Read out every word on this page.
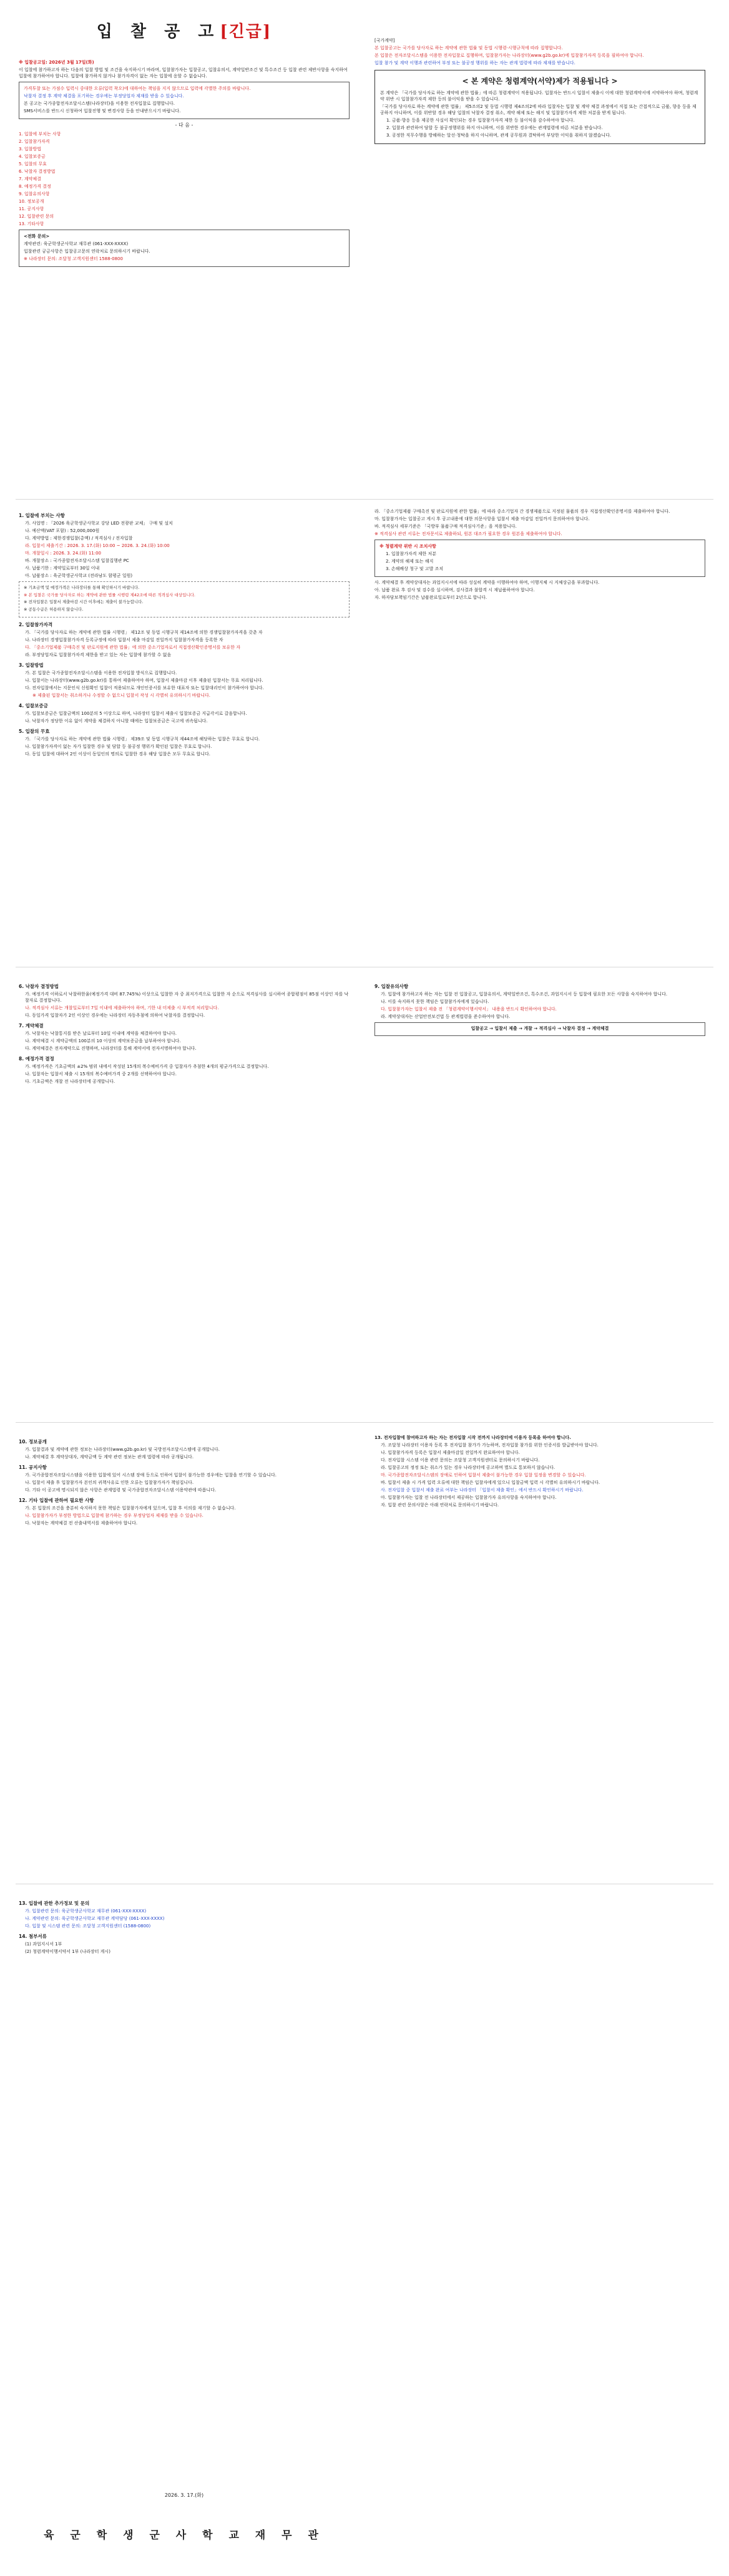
입 찰 공 고[긴급]

※ 입찰공고일: 2026년 3월 17일(화)

이 입찰에 참가하고자 하는 다음의 입찰 방법 및 조건을 숙지하시기 바라며, 입찰참가자는 입찰공고, 입찰유의서, 계약일반조건 및 특수조건 등 입찰 관련 제반사항을 숙지하여 입찰에 참가하여야 합니다. 입찰에 참가하지 않거나 참가자격이 없는 자는 입찰에 응할 수 없습니다.

가격투찰 또는 가점수 입력시 중대한 오류(입력 착오)에 대하여는 책임을 지지 않으므로 입력에 각별한 주의를 바랍니다.

낙찰자 결정 후 계약 체결을 포기하는 경우에는 부정당업자 제재를 받을 수 있습니다.

본 공고는 국가종합전자조달시스템(나라장터)을 이용한 전자입찰로 집행합니다.

SMS서비스를 반드시 신청하여 입찰진행 및 변경사항 등을 안내받으시기 바랍니다.

- 다 음 -

1. 입찰에 부치는 사항

2. 입찰참가자격

3. 입찰방법

4. 입찰보증금

5. 입찰의 무효

6. 낙찰자 결정방법

7. 계약체결

8. 예정가격 결정

9. 입찰유의사항

10. 정보공개

11. 공지사항

12. 입찰관련 문의

13. 기타사항

<전화 문의>

계약관련: 육군학생군사학교 재무관 (061-XXX-XXXX)

입찰관련 궁금사항은 입찰공고문의 연락처로 문의하시기 바랍니다.

※ 나라장터 문의: 조달청 고객지원센터 1588-0800

[국가계약]

본 입찰공고는 국가를 당사자로 하는 계약에 관한 법률 및 동법 시행령·시행규칙에 따라 집행합니다.

본 입찰은 전자조달시스템을 이용한 전자입찰로 집행하며, 입찰참가자는 나라장터(www.g2b.go.kr)에 입찰참가자격 등록을 필하여야 합니다.

입찰 참가 및 계약 이행과 관련하여 부정 또는 불공정 행위를 하는 자는 관계 법령에 따라 제재를 받습니다.

< 본 계약은 청렴계약(서약)제가 적용됩니다 >

본 계약은 「국가를 당사자로 하는 계약에 관한 법률」에 따른 청렴계약이 적용됩니다. 입찰자는 반드시 입찰서 제출시 이에 대한 청렴계약서에 서약하여야 하며, 청렴계약 위반 시 입찰참가자격 제한 등의 불이익을 받을 수 있습니다.

「국가를 당사자로 하는 계약에 관한 법률」 제5조의2 및 동법 시행령 제4조의2에 따라 입찰자는 입찰 및 계약 체결 과정에서 직접 또는 간접적으로 금품, 향응 등을 제공하지 아니하며, 이를 위반할 경우 해당 입찰의 낙찰자 결정 취소, 계약 해제 또는 해지 및 입찰참가자격 제한 처분을 받게 됩니다.

1. 금품·향응 등을 제공한 사실이 확인되는 경우 입찰참가자격 제한 등 불이익을 감수하여야 합니다.

2. 입찰과 관련하여 담합 등 불공정행위를 하지 아니하며, 이를 위반한 경우에는 관계법령에 따른 처분을 받습니다.

3. 공정한 직무수행을 방해하는 알선·청탁을 하지 아니하며, 관계 공무원과 결탁하여 부당한 이익을 취하지 않겠습니다.

1. 입찰에 부치는 사항

가. 사업명 : 「2026 육군학생군사학교 강당 LED 전광판 교체」 구매 및 설치

나. 예산액(VAT 포함) : 52,000,000원

다. 계약방법 : 제한경쟁입찰(총액) / 적격심사 / 전자입찰

라. 입찰서 제출기간 : 2026. 3. 17.(화) 10:00 ~ 2026. 3. 24.(화) 10:00

마. 개찰일시 : 2026. 3. 24.(화) 11:00

바. 개찰장소 : 국가종합전자조달시스템 입찰집행관 PC

사. 납품기한 : 계약일로부터 30일 이내

아. 납품장소 : 육군학생군사학교 (전라남도 함평군 일원)

※ 기초금액 및 예정가격은 나라장터를 통해 확인하시기 바랍니다.

※ 본 입찰은 국가를 당사자로 하는 계약에 관한 법률 시행령 제42조에 따른 적격심사 대상입니다.

※ 전자입찰은 입찰서 제출마감 시간 이후에는 제출이 불가능합니다.

※ 공동수급은 허용하지 않습니다.

2. 입찰참가자격

가. 「국가를 당사자로 하는 계약에 관한 법률 시행령」 제12조 및 동법 시행규칙 제14조에 의한 경쟁입찰참가자격을 갖춘 자

나. 나라장터 경쟁입찰참가자격 등록규정에 따라 입찰서 제출 마감일 전일까지 입찰참가자격을 등록한 자

다. 「중소기업제품 구매촉진 및 판로지원에 관한 법률」에 의한 중소기업자로서 직접생산확인증명서를 보유한 자

라. 부정당업자로 입찰참가자격 제한을 받고 있는 자는 입찰에 참가할 수 없음

3. 입찰방법

가. 본 입찰은 국가종합전자조달시스템을 이용한 전자입찰 방식으로 집행합니다.

나. 입찰서는 나라장터(www.g2b.go.kr)를 통하여 제출하여야 하며, 입찰서 제출마감 이후 제출된 입찰서는 무효 처리됩니다.

다. 전자입찰에서는 지문인식 신원확인 입찰이 적용되므로 개인인증서를 보유한 대표자 또는 입찰대리인이 참가하여야 합니다.

※ 제출된 입찰서는 취소하거나 수정할 수 없으니 입찰서 작성 시 각별히 유의하시기 바랍니다.

4. 입찰보증금

가. 입찰보증금은 입찰금액의 100분의 5 이상으로 하며, 나라장터 입찰서 제출시 입찰보증금 지급각서로 갈음합니다.

나. 낙찰자가 정당한 이유 없이 계약을 체결하지 아니할 때에는 입찰보증금은 국고에 귀속됩니다.

5. 입찰의 무효

가. 「국가를 당사자로 하는 계약에 관한 법률 시행령」 제39조 및 동법 시행규칙 제44조에 해당하는 입찰은 무효로 합니다.

나. 입찰참가자격이 없는 자가 입찰한 경우 및 담합 등 불공정 행위가 확인된 입찰은 무효로 합니다.

다. 동일 입찰에 대하여 2인 이상이 동일인의 명의로 입찰한 경우 해당 입찰은 모두 무효로 합니다.

라. 「중소기업제품 구매촉진 및 판로지원에 관한 법률」에 따라 중소기업자 간 경쟁제품으로 지정된 물품의 경우 직접생산확인증명서를 제출하여야 합니다.

마. 입찰참가자는 입찰공고 게시 후 공고내용에 대한 의문사항을 입찰서 제출 마감일 전일까지 문의하여야 합니다.

바. 적격심사 세부기준은 「국방부 물품구매 적격심사기준」을 적용합니다.

※ 적격심사 관련 서류는 전자문서로 제출하되, 원본 대조가 필요한 경우 원본을 제출하여야 합니다.

※ 청렴계약 위반 시 조치사항

1. 입찰참가자격 제한 처분

2. 계약의 해제 또는 해지

3. 손해배상 청구 및 고발 조치

사. 계약체결 후 계약상대자는 과업지시서에 따라 성실히 계약을 이행하여야 하며, 이행지체 시 지체상금을 부과합니다.

아. 납품 완료 후 검사 및 검수를 실시하며, 검사결과 불합격 시 재납품하여야 합니다.

자. 하자담보책임기간은 납품완료일로부터 2년으로 합니다.

6. 낙찰자 결정방법

가. 예정가격 이하로서 낙찰하한율(예정가격 대비 87.745%) 이상으로 입찰한 자 중 최저가격으로 입찰한 자 순으로 적격심사를 실시하여 종합평점이 85점 이상인 자를 낙찰자로 결정합니다.

나. 적격심사 서류는 개찰일로부터 7일 이내에 제출하여야 하며, 기한 내 미제출 시 부적격 처리합니다.

다. 동일가격 입찰자가 2인 이상인 경우에는 나라장터 자동추첨에 의하여 낙찰자를 결정합니다.

7. 계약체결

가. 낙찰자는 낙찰통지를 받은 날로부터 10일 이내에 계약을 체결하여야 합니다.

나. 계약체결 시 계약금액의 100분의 10 이상의 계약보증금을 납부하여야 합니다.

다. 계약체결은 전자계약으로 진행하며, 나라장터를 통해 계약서에 전자서명하여야 합니다.

8. 예정가격 결정

가. 예정가격은 기초금액의 ±2% 범위 내에서 작성된 15개의 복수예비가격 중 입찰자가 추첨한 4개의 평균가격으로 결정합니다.

나. 입찰자는 입찰서 제출 시 15개의 복수예비가격 중 2개를 선택하여야 합니다.

다. 기초금액은 개찰 전 나라장터에 공개합니다.

9. 입찰유의사항

가. 입찰에 참가하고자 하는 자는 입찰 전 입찰공고, 입찰유의서, 계약일반조건, 특수조건, 과업지시서 등 입찰에 필요한 모든 사항을 숙지하여야 합니다.

나. 이를 숙지하지 못한 책임은 입찰참가자에게 있습니다.

다. 입찰참가자는 입찰서 제출 전 「청렴계약이행서약서」 내용을 반드시 확인하여야 합니다.

라. 계약상대자는 산업안전보건법 등 관계법령을 준수하여야 합니다.

입찰공고 → 입찰서 제출 → 개찰 → 적격심사 → 낙찰자 결정 → 계약체결

10. 정보공개

가. 입찰결과 및 계약에 관한 정보는 나라장터(www.g2b.go.kr) 및 국방전자조달시스템에 공개합니다.

나. 계약체결 후 계약상대자, 계약금액 등 계약 관련 정보는 관계 법령에 따라 공개됩니다.

11. 공지사항

가. 국가종합전자조달시스템을 이용한 입찰에 있어 시스템 장애 등으로 인하여 입찰이 불가능한 경우에는 입찰을 연기할 수 있습니다.

나. 입찰서 제출 후 입찰참가자 본인의 귀책사유로 인한 오류는 입찰참가자가 책임집니다.

다. 기타 이 공고에 명시되지 않은 사항은 관계법령 및 국가종합전자조달시스템 이용약관에 따릅니다.

12. 기타 입찰에 관하여 필요한 사항

가. 본 입찰의 조건을 충분히 숙지하지 못한 책임은 입찰참가자에게 있으며, 입찰 후 이의를 제기할 수 없습니다.

나. 입찰참가자가 부정한 방법으로 입찰에 참가하는 경우 부정당업자 제재를 받을 수 있습니다.

다. 낙찰자는 계약체결 전 산출내역서를 제출하여야 합니다.

13. 전자입찰에 참여하고자 하는 자는 전자입찰 시작 전까지 나라장터에 이용자 등록을 하여야 합니다.

가. 조달청 나라장터 이용자 등록 후 전자입찰 참가가 가능하며, 전자입찰 참가를 위한 인증서를 발급받아야 합니다.

나. 입찰참가자격 등록은 입찰서 제출마감일 전일까지 완료하여야 합니다.

다. 전자입찰 시스템 이용 관련 문의는 조달청 고객지원센터로 문의하시기 바랍니다.

라. 입찰공고의 정정 또는 취소가 있는 경우 나라장터에 공고하며 별도로 통보하지 않습니다.

마. 국가종합전자조달시스템의 장애로 인하여 입찰서 제출이 불가능한 경우 입찰 일정을 변경할 수 있습니다.

바. 입찰서 제출 시 가격 입력 오류에 대한 책임은 입찰자에게 있으니 입찰금액 입력 시 각별히 유의하시기 바랍니다.

사. 전자입찰 중 입찰서 제출 완료 여부는 나라장터 「입찰서 제출 확인」에서 반드시 확인하시기 바랍니다.

아. 입찰참가자는 입찰 전 나라장터에서 제공하는 입찰참가자 유의사항을 숙지하여야 합니다.

자. 입찰 관련 문의사항은 아래 연락처로 문의하시기 바랍니다.

13. 입찰에 관한 추가정보 및 문의

가. 입찰관련 문의: 육군학생군사학교 재무관 (061-XXX-XXXX)

나. 계약관련 문의: 육군학생군사학교 재무관 계약담당 (061-XXX-XXXX)

다. 입찰 및 시스템 관련 문의: 조달청 고객지원센터 (1588-0800)

14. 첨부서류

(1) 과업지시서 1부

(2) 청렴계약이행서약서 1부 (나라장터 게시)

2026. 3. 17.(화)
육 군 학 생 군 사 학 교 재 무 관
